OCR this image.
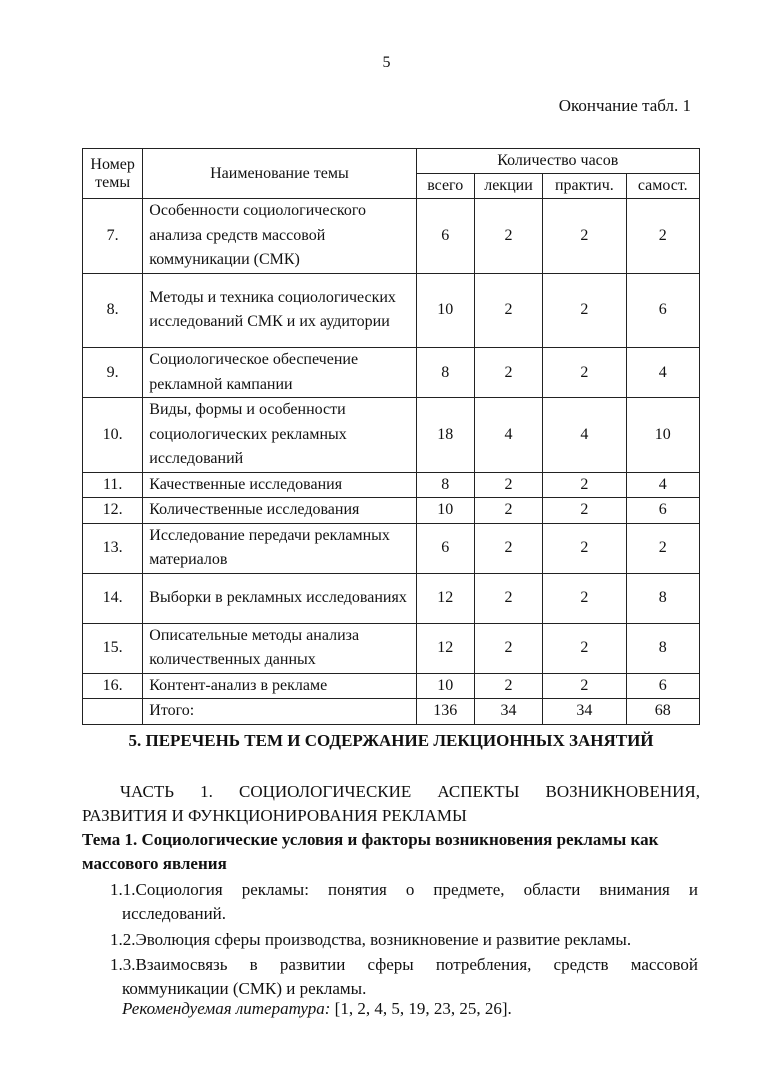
5
Окончание табл. 1
Номер темы	Наименование темы	Количество часов			
		всего	лекции	практич.	самост.
7.	Особенности социологического анализа средств массовой коммуникации (СМК)	6	2	2	2
8.	Методы и техника социологических исследований СМК и их аудитории	10	2	2	6
9.	Социологическое обеспечение рекламной кампании	8	2	2	4
10.	Виды, формы и особенности социологических рекламных исследований	18	4	4	10
11.	Качественные исследования	8	2	2	4
12.	Количественные исследования	10	2	2	6
13.	Исследование передачи рекламных материалов	6	2	2	2
14.	Выборки в рекламных исследованиях	12	2	2	8
15.	Описательные методы анализа количественных данных	12	2	2	8
16.	Контент-анализ в рекламе	10	2	2	6
	Итого:	136	34	34	68
5. ПЕРЕЧЕНЬ ТЕМ И СОДЕРЖАНИЕ ЛЕКЦИОННЫХ ЗАНЯТИЙ
ЧАСТЬ 1. СОЦИОЛОГИЧЕСКИЕ АСПЕКТЫ ВОЗНИКНОВЕНИЯ,
РАЗВИТИЯ И ФУНКЦИОНИРОВАНИЯ РЕКЛАМЫ
Тема 1. Социологические условия и факторы возникновения рекламы как массового явления
1.1.Социология рекламы: понятия о предмете, области внимания и
исследований.
1.2.Эволюция сферы производства, возникновение и развитие рекламы.
1.3.Взаимосвязь в развитии сферы потребления, средств массовой
коммуникации (СМК) и рекламы.
Рекомендуемая литература: [1, 2, 4, 5, 19, 23, 25, 26].
